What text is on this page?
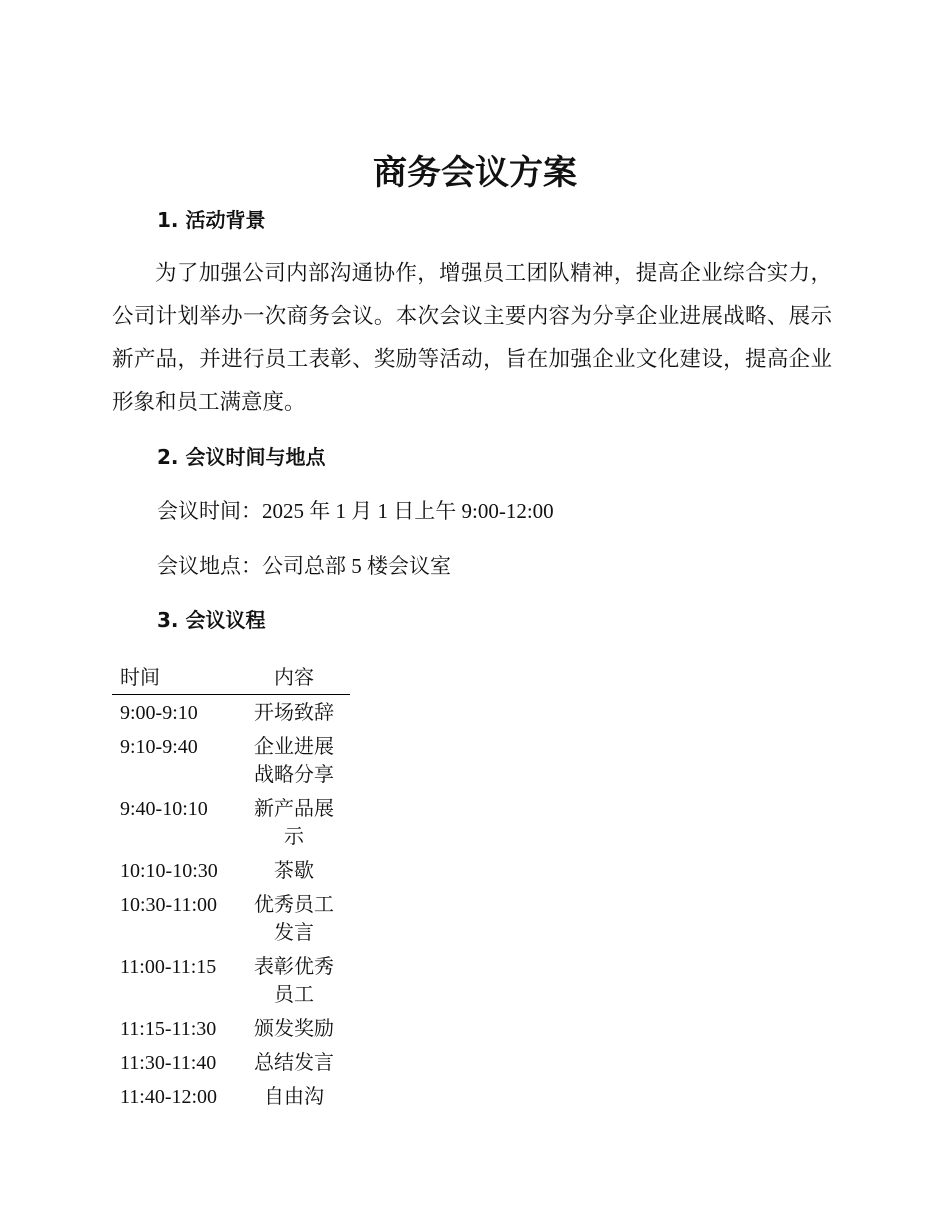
商务会议方案
1. 活动背景

为了加强公司内部沟通协作，增强员工团队精神，提高企业综合实力，公司计划举办一次商务会议。本次会议主要内容为分享企业进展战略、展示新产品，并进行员工表彰、奖励等活动，旨在加强企业文化建设，提高企业形象和员工满意度。

2. 会议时间与地点

会议时间：2025 年 1 月 1 日上午 9:00-12:00

会议地点：公司总部 5 楼会议室

3. 会议议程
时间	内容
9:00-9:10	开场致辞
9:10-9:40	企业进展战略分享
9:40-10:10	新产品展示
10:10-10:30	茶歇
10:30-11:00	优秀员工发言
11:00-11:15	表彰优秀员工
11:15-11:30	颁发奖励
11:30-11:40	总结发言
11:40-12:00	自由沟
